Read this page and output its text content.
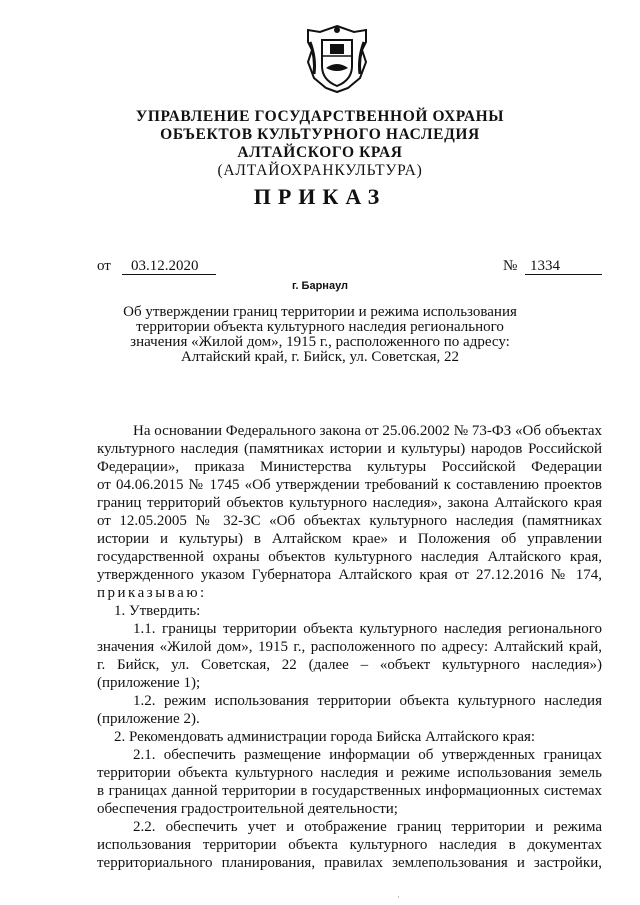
УПРАВЛЕНИЕ ГОСУДАРСТВЕННОЙ ОХРАНЫ
ОБЪЕКТОВ КУЛЬТУРНОГО НАСЛЕДИЯ
АЛТАЙСКОГО КРАЯ
(АЛТАЙОХРАНКУЛЬТУРА)
ПРИКАЗ
от 03.12.2020	№ 1334
г. Барнаул
Об утверждении границ территории и режима использования
территории объекта культурного наследия регионального
значения «Жилой дом», 1915 г., расположенного по адресу:
Алтайский край, г. Бийск, ул. Советская, 22
На основании Федерального закона от 25.06.2002 № 73-ФЗ «Об объектах
культурного наследия (памятниках истории и культуры) народов Российской
Федерации», приказа Министерства культуры Российской Федерации
от 04.06.2015 № 1745 «Об утверждении требований к составлению проектов
границ территорий объектов культурного наследия», закона Алтайского края
от 12.05.2005 № 32-ЗС «Об объектах культурного наследия (памятниках
истории и культуры) в Алтайском крае» и Положения об управлении
государственной охраны объектов культурного наследия Алтайского края,
утвержденного указом Губернатора Алтайского края от 27.12.2016 № 174,
приказываю:
1. Утвердить:
1.1. границы территории объекта культурного наследия регионального
значения «Жилой дом», 1915 г., расположенного по адресу: Алтайский край,
г. Бийск, ул. Советская, 22 (далее – «объект культурного наследия»)
(приложение 1);
1.2. режим использования территории объекта культурного наследия
(приложение 2).
2. Рекомендовать администрации города Бийска Алтайского края:
2.1. обеспечить размещение информации об утвержденных границах
территории объекта культурного наследия и режиме использования земель
в границах данной территории в государственных информационных системах
обеспечения градостроительной деятельности;
2.2. обеспечить учет и отображение границ территории и режима
использования территории объекта культурного наследия в документах
территориального планирования, правилах землепользования и застройки,
·
